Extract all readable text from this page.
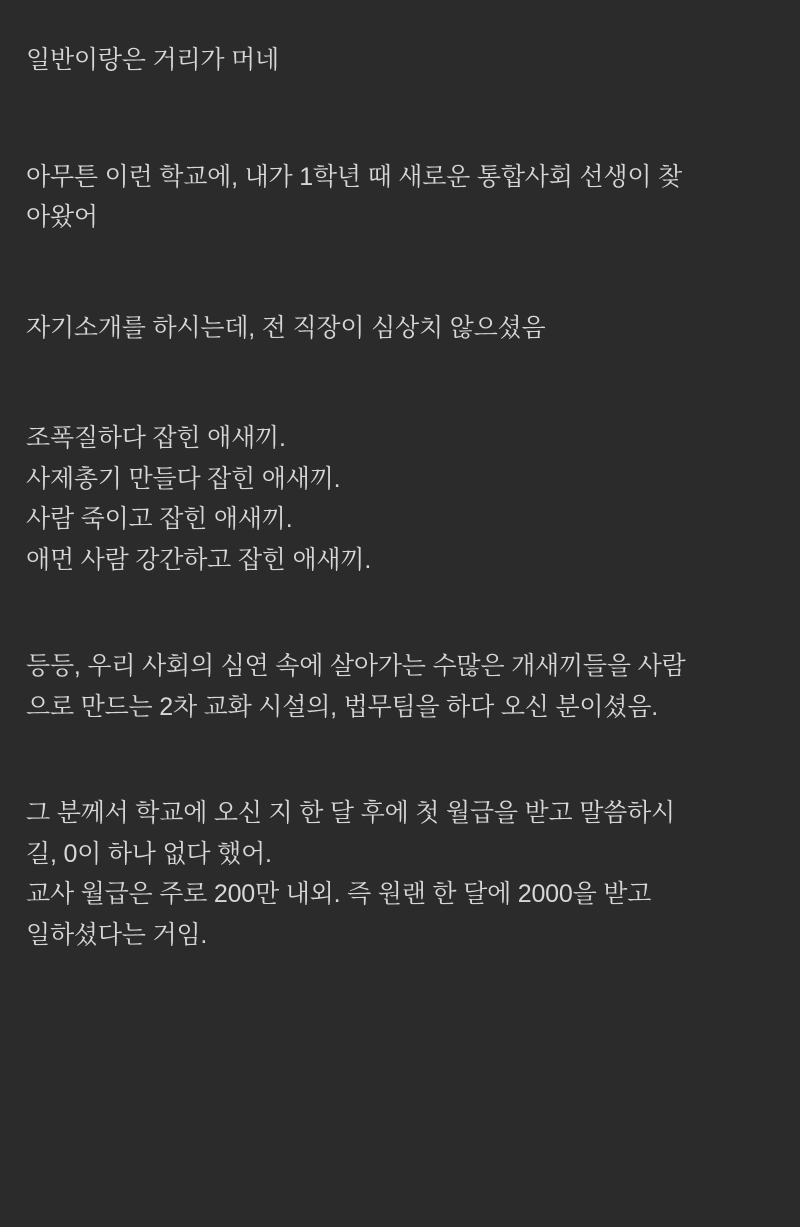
일반이랑은 거리가 머네

아무튼 이런 학교에, 내가 1학년 때 새로운 통합사회 선생이 찾

아왔어

자기소개를 하시는데, 전 직장이 심상치 않으셨음

조폭질하다 잡힌 애새끼.

사제총기 만들다 잡힌 애새끼.

사람 죽이고 잡힌 애새끼.

애먼 사람 강간하고 잡힌 애새끼.

등등, 우리 사회의 심연 속에 살아가는 수많은 개새끼들을 사람

으로 만드는 2차 교화 시설의, 법무팀을 하다 오신 분이셨음.

그 분께서 학교에 오신 지 한 달 후에 첫 월급을 받고 말씀하시

길, 0이 하나 없다 했어.

교사 월급은 주로 200만 내외. 즉 원랜 한 달에 2000을 받고

일하셨다는 거임.
